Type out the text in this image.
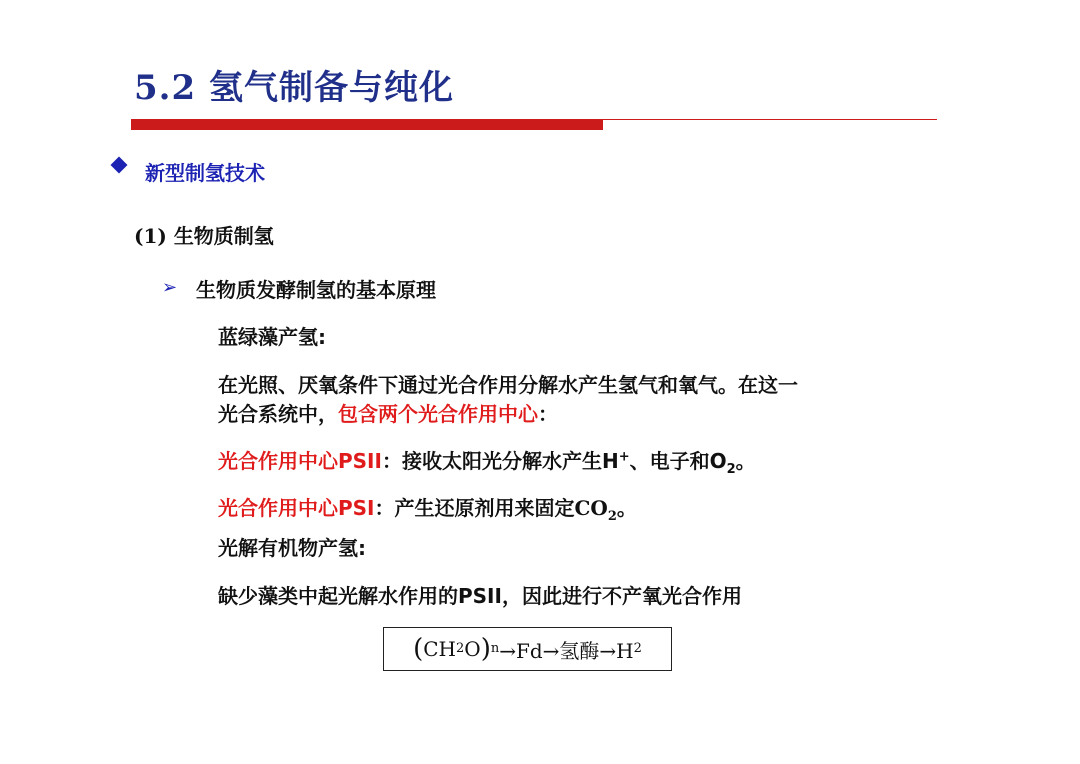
5.2 氢气制备与纯化
新型制氢技术
(1) 生物质制氢
➢ 生物质发酵制氢的基本原理
蓝绿藻产氢:
在光照、厌氧条件下通过光合作用分解水产生氢气和氧气。在这一
光合系统中，包含两个光合作用中心：
光合作用中心PSII：接收太阳光分解水产生H+、电子和$O_2$。
光合作用中心PSI：产生还原剂用来固定$CO_2$。
光解有机物产氢:
缺少藻类中起光解水作用的PSII，因此进行不产氧光合作用
( CH 2 O ) n →Fd→氢酶→H 2
